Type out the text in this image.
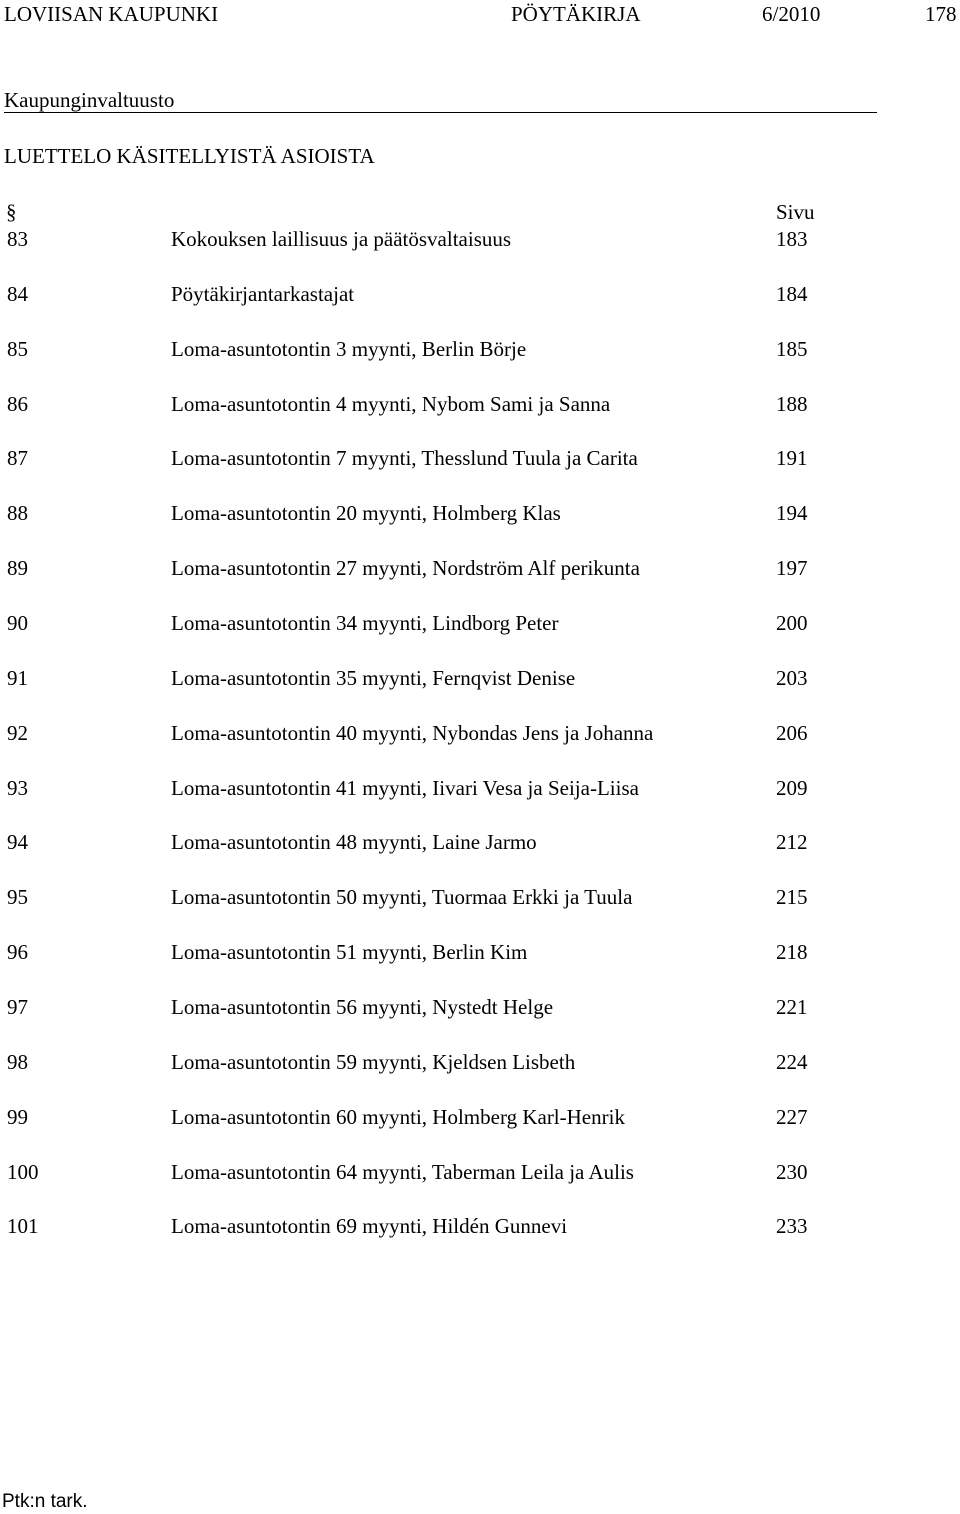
LOVIISAN KAUPUNKI	PÖYTÄKIRJA	6/2010	178
Kaupunginvaltuusto
LUETTELO KÄSITELLYISTÄ ASIOISTA
§	Sivu
83	Kokouksen laillisuus ja päätösvaltaisuus	183
84	Pöytäkirjantarkastajat	184
85	Loma-asuntotontin 3 myynti, Berlin Börje	185
86	Loma-asuntotontin 4 myynti, Nybom Sami ja Sanna	188
87	Loma-asuntotontin 7 myynti, Thesslund Tuula ja Carita	191
88	Loma-asuntotontin 20 myynti, Holmberg Klas	194
89	Loma-asuntotontin 27 myynti, Nordström Alf perikunta	197
90	Loma-asuntotontin 34 myynti, Lindborg Peter	200
91	Loma-asuntotontin 35 myynti, Fernqvist Denise	203
92	Loma-asuntotontin 40 myynti, Nybondas Jens ja Johanna	206
93	Loma-asuntotontin 41 myynti, Iivari Vesa ja Seija-Liisa	209
94	Loma-asuntotontin 48 myynti, Laine Jarmo	212
95	Loma-asuntotontin 50 myynti, Tuormaa Erkki ja Tuula	215
96	Loma-asuntotontin 51 myynti, Berlin Kim	218
97	Loma-asuntotontin 56 myynti, Nystedt Helge	221
98	Loma-asuntotontin 59 myynti, Kjeldsen Lisbeth	224
99	Loma-asuntotontin 60 myynti, Holmberg Karl-Henrik	227
100	Loma-asuntotontin 64 myynti, Taberman Leila ja Aulis	230
101	Loma-asuntotontin 69 myynti, Hildén Gunnevi	233
Ptk:n tark.
